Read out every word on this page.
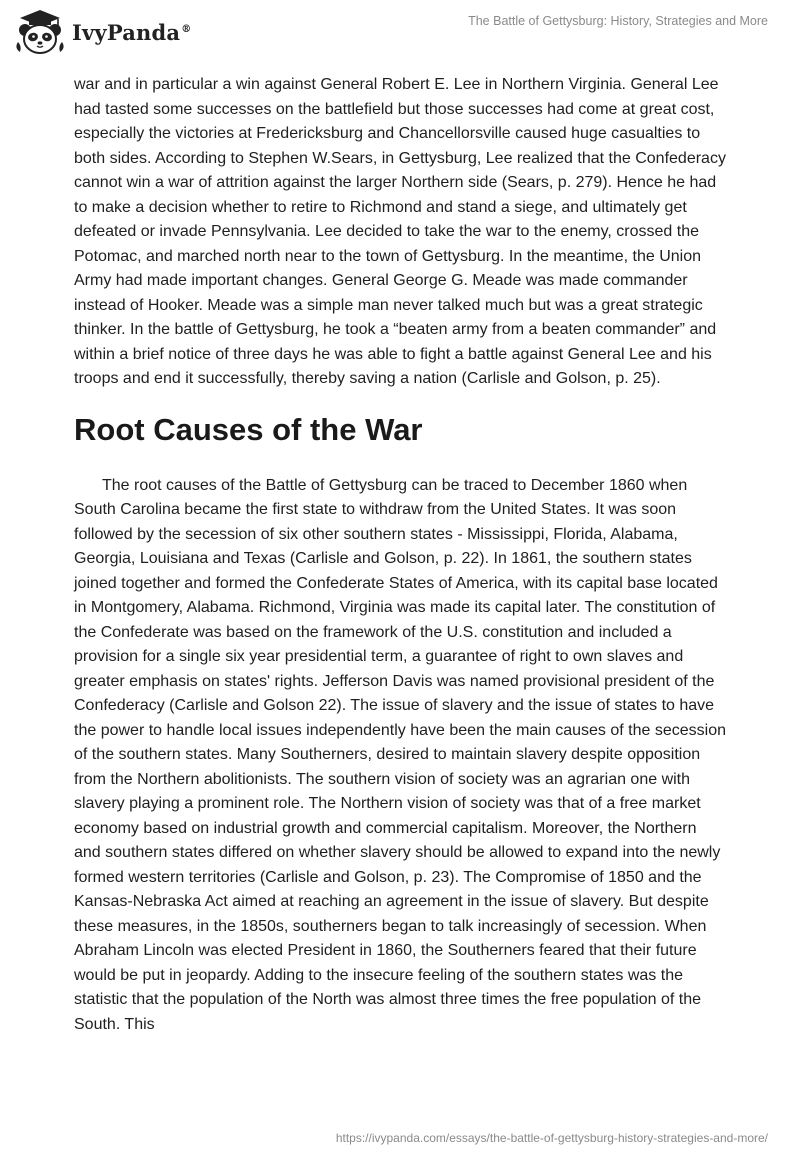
IvyPanda®
The Battle of Gettysburg: History, Strategies and More

war and in particular a win against General Robert E. Lee in Northern Virginia. General Lee had tasted some successes on the battlefield but those successes had come at great cost, especially the victories at Fredericksburg and Chancellorsville caused huge casualties to both sides. According to Stephen W.Sears, in Gettysburg, Lee realized that the Confederacy cannot win a war of attrition against the larger Northern side (Sears, p. 279). Hence he had to make a decision whether to retire to Richmond and stand a siege, and ultimately get defeated or invade Pennsylvania. Lee decided to take the war to the enemy, crossed the Potomac, and marched north near to the town of Gettysburg. In the meantime, the Union Army had made important changes. General George G. Meade was made commander instead of Hooker. Meade was a simple man never talked much but was a great strategic thinker. In the battle of Gettysburg, he took a “beaten army from a beaten commander” and within a brief notice of three days he was able to fight a battle against General Lee and his troops and end it successfully, thereby saving a nation (Carlisle and Golson, p. 25).

Root Causes of the War

The root causes of the Battle of Gettysburg can be traced to December 1860 when South Carolina became the first state to withdraw from the United States. It was soon followed by the secession of six other southern states - Mississippi, Florida, Alabama, Georgia, Louisiana and Texas (Carlisle and Golson, p. 22). In 1861, the southern states joined together and formed the Confederate States of America, with its capital base located in Montgomery, Alabama. Richmond, Virginia was made its capital later. The constitution of the Confederate was based on the framework of the U.S. constitution and included a provision for a single six year presidential term, a guarantee of right to own slaves and greater emphasis on states' rights. Jefferson Davis was named provisional president of the Confederacy (Carlisle and Golson 22). The issue of slavery and the issue of states to have the power to handle local issues independently have been the main causes of the secession of the southern states. Many Southerners, desired to maintain slavery despite opposition from the Northern abolitionists. The southern vision of society was an agrarian one with slavery playing a prominent role. The Northern vision of society was that of a free market economy based on industrial growth and commercial capitalism. Moreover, the Northern and southern states differed on whether slavery should be allowed to expand into the newly formed western territories (Carlisle and Golson, p. 23). The Compromise of 1850 and the Kansas-Nebraska Act aimed at reaching an agreement in the issue of slavery. But despite these measures, in the 1850s, southerners began to talk increasingly of secession. When Abraham Lincoln was elected President in 1860, the Southerners feared that their future would be put in jeopardy. Adding to the insecure feeling of the southern states was the statistic that the population of the North was almost three times the free population of the South. This

https://ivypanda.com/essays/the-battle-of-gettysburg-history-strategies-and-more/
